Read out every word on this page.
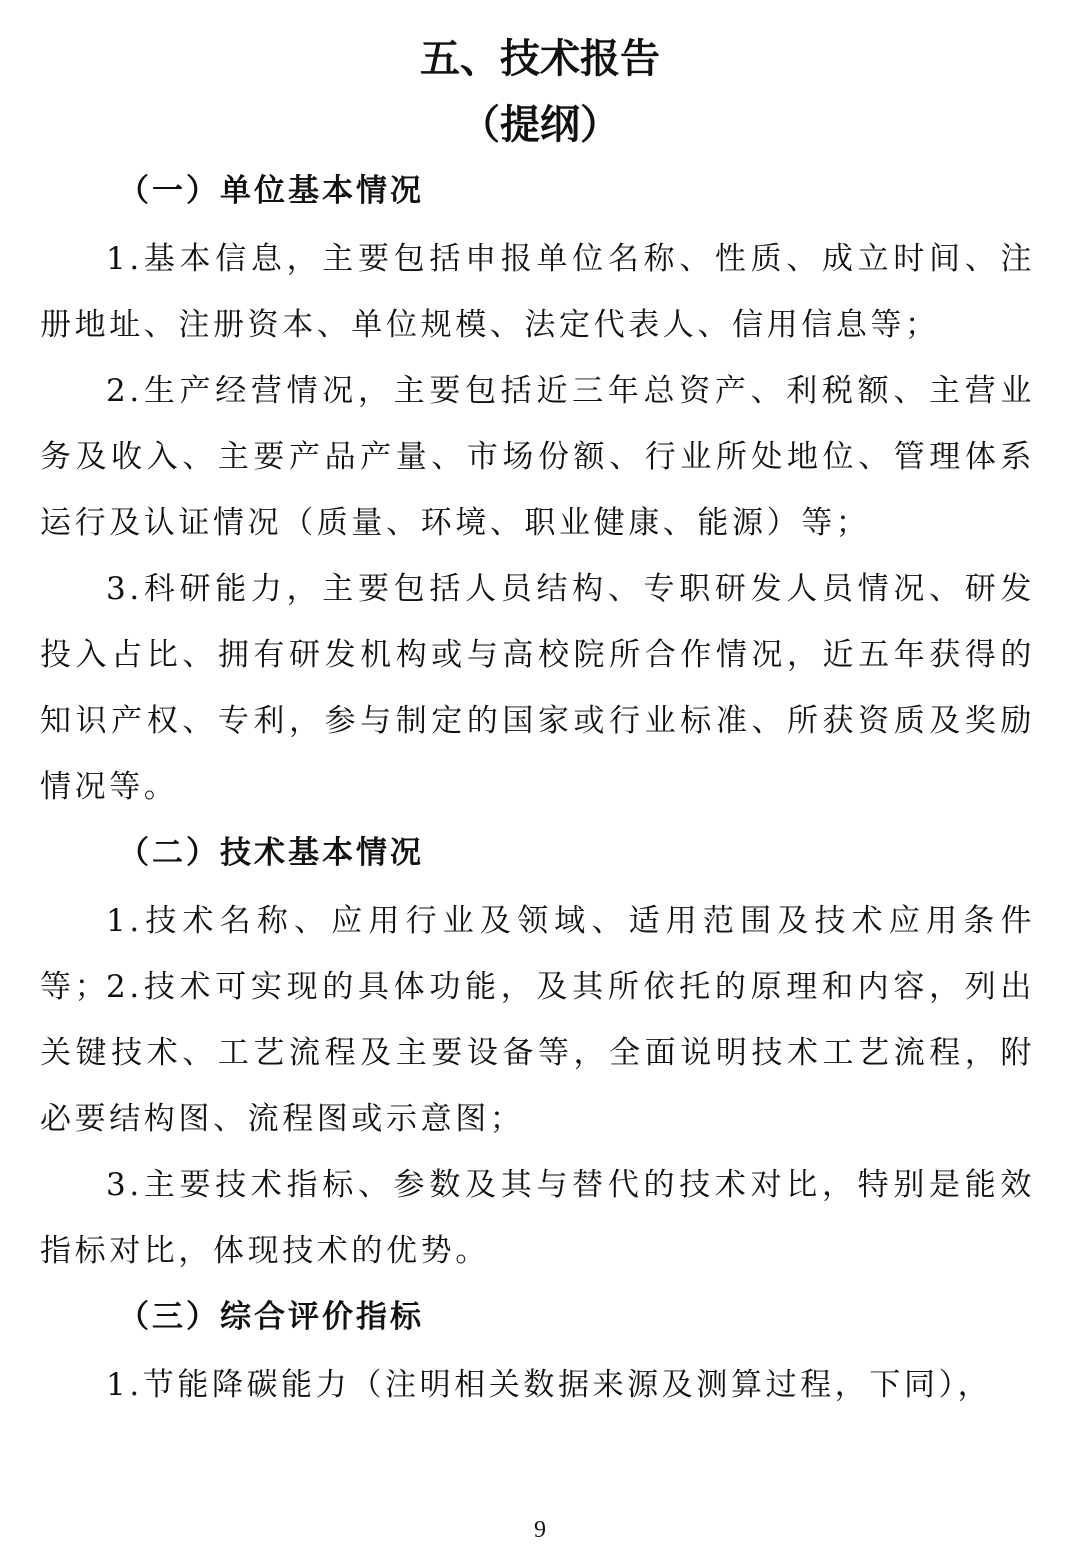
五、技术报告
（提纲）
（一）单位基本情况

1.基本信息，主要包括申报单位名称、性质、成立时间、注册地址、注册资本、单位规模、法定代表人、信用信息等；

2.生产经营情况，主要包括近三年总资产、利税额、主营业务及收入、主要产品产量、市场份额、行业所处地位、管理体系运行及认证情况（质量、环境、职业健康、能源）等；

3.科研能力，主要包括人员结构、专职研发人员情况、研发投入占比、拥有研发机构或与高校院所合作情况，近五年获得的知识产权、专利，参与制定的国家或行业标准、所获资质及奖励情况等。

（二）技术基本情况

1.技术名称、应用行业及领域、适用范围及技术应用条件等；

2.技术可实现的具体功能，及其所依托的原理和内容，列出关键技术、工艺流程及主要设备等，全面说明技术工艺流程，附必要结构图、流程图或示意图；

3.主要技术指标、参数及其与替代的技术对比，特别是能效指标对比，体现技术的优势。

（三）综合评价指标

1.节能降碳能力（注明相关数据来源及测算过程，下同），

9
